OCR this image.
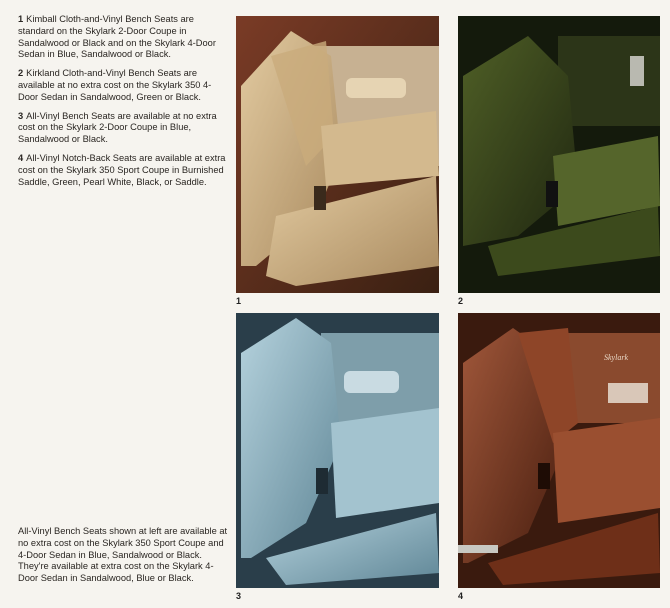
1 Kimball Cloth-and-Vinyl Bench Seats are standard on the Skylark 2-Door Coupe in Sandalwood or Black and on the Skylark 4-Door Sedan in Blue, Sandalwood or Black.

2 Kirkland Cloth-and-Vinyl Bench Seats are available at no extra cost on the Skylark 350 4-Door Sedan in Sandalwood, Green or Black.

3 All-Vinyl Bench Seats are available at no extra cost on the Skylark 2-Door Coupe in Blue, Sandalwood or Black.

4 All-Vinyl Notch-Back Seats are available at extra cost on the Skylark 350 Sport Coupe in Burnished Saddle, Green, Pearl White, Black, or Saddle.

All-Vinyl Bench Seats shown at left are available at no extra cost on the Skylark 350 Sport Coupe and 4-Door Sedan in Blue, Sandalwood or Black. They're available at extra cost on the Skylark 4-Door Sedan in Sandalwood, Blue or Black.

1	2
3
Skylark
4
